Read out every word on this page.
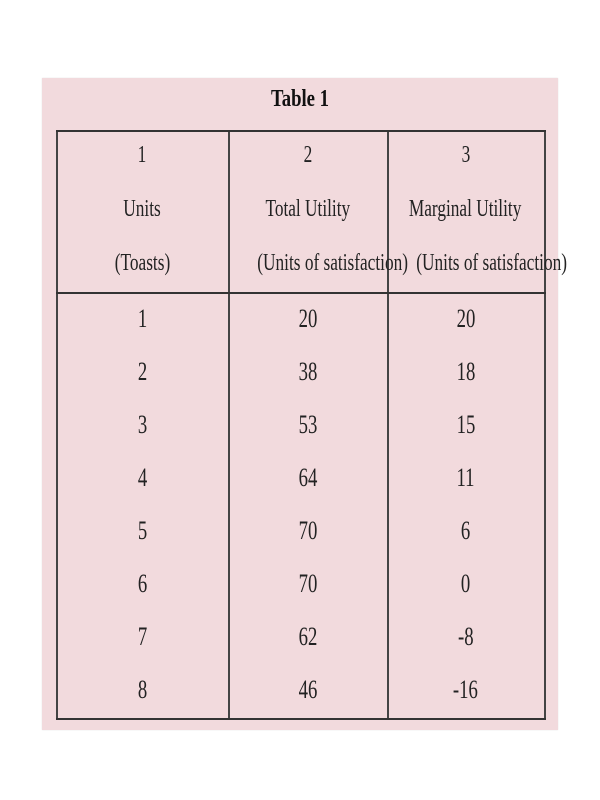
Table 1
1
Units
(Toasts)
1
2
3
4
5
6
7
8
2
Total Utility
(Units of satisfaction)
20
38
53
64
70
70
62
46
3
Marginal Utility
(Units of satisfaction)
20
18
15
11
6
0
-8
-16
